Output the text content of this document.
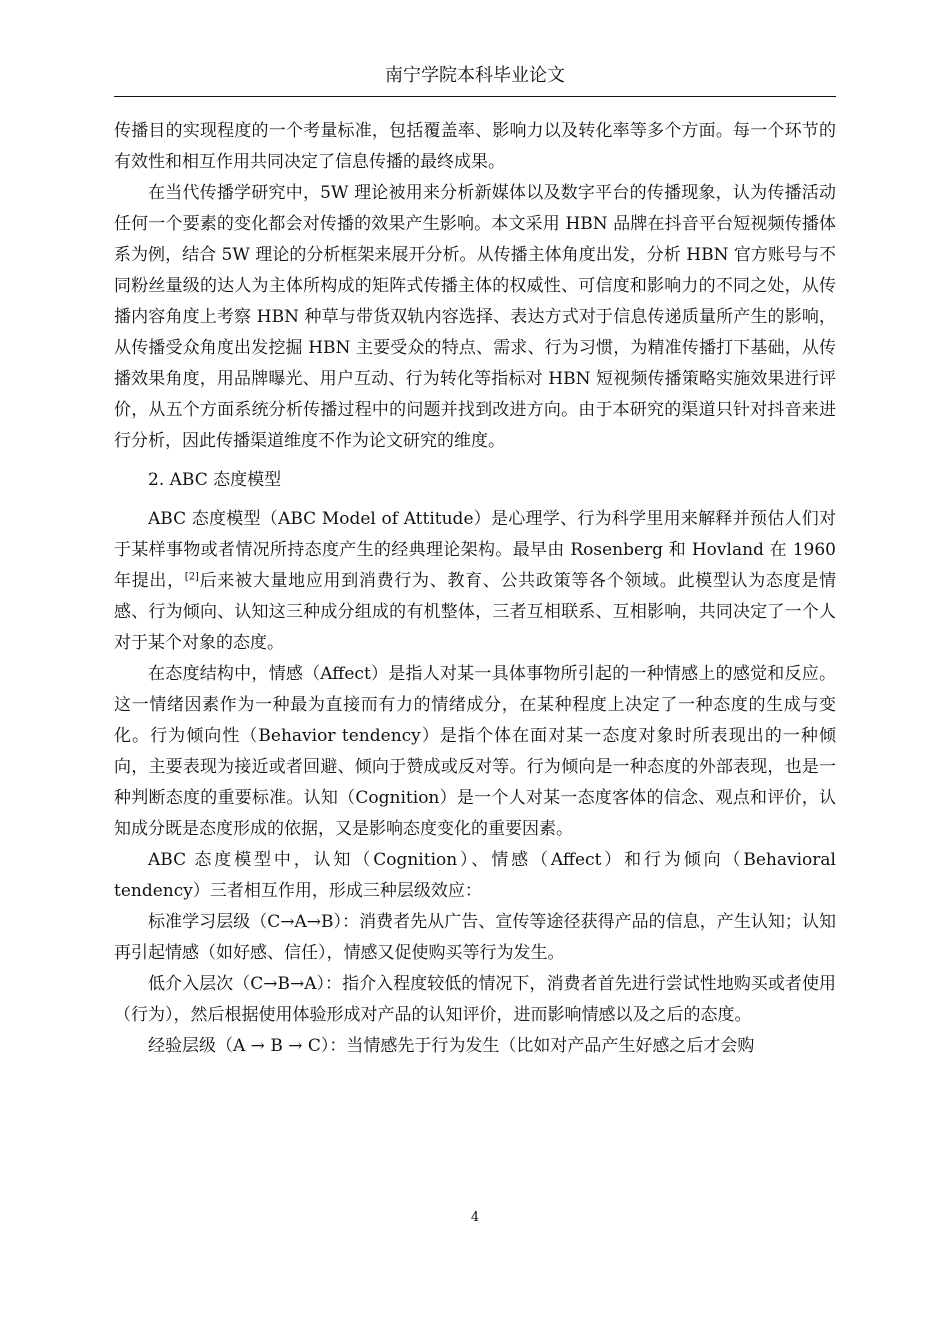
南宁学院本科毕业论文

传播目的实现程度的一个考量标准，包括覆盖率、影响力以及转化率等多个方面。每一个环节的有效性和相互作用共同决定了信息传播的最终成果。

在当代传播学研究中，5W 理论被用来分析新媒体以及数字平台的传播现象，认为传播活动任何一个要素的变化都会对传播的效果产生影响。本文采用 HBN 品牌在抖音平台短视频传播体系为例，结合 5W 理论的分析框架来展开分析。从传播主体角度出发，分析 HBN 官方账号与不同粉丝量级的达人为主体所构成的矩阵式传播主体的权威性、可信度和影响力的不同之处，从传播内容角度上考察 HBN 种草与带货双轨内容选择、表达方式对于信息传递质量所产生的影响，从传播受众角度出发挖掘 HBN 主要受众的特点、需求、行为习惯，为精准传播打下基础，从传播效果角度，用品牌曝光、用户互动、行为转化等指标对 HBN 短视频传播策略实施效果进行评价，从五个方面系统分析传播过程中的问题并找到改进方向。由于本研究的渠道只针对抖音来进行分析，因此传播渠道维度不作为论文研究的维度。

2. ABC 态度模型

ABC 态度模型（ABC Model of Attitude）是心理学、行为科学里用来解释并预估人们对于某样事物或者情况所持态度产生的经典理论架构。最早由 Rosenberg 和 Hovland 在 1960 年提出，[2]后来被大量地应用到消费行为、教育、公共政策等各个领域。此模型认为态度是情感、行为倾向、认知这三种成分组成的有机整体，三者互相联系、互相影响，共同决定了一个人对于某个对象的态度。

在态度结构中，情感（Affect）是指人对某一具体事物所引起的一种情感上的感觉和反应。这一情绪因素作为一种最为直接而有力的情绪成分，在某种程度上决定了一种态度的生成与变化。行为倾向性（Behavior tendency）是指个体在面对某一态度对象时所表现出的一种倾向，主要表现为接近或者回避、倾向于赞成或反对等。行为倾向是一种态度的外部表现，也是一种判断态度的重要标准。认知（Cognition）是一个人对某一态度客体的信念、观点和评价，认知成分既是态度形成的依据，又是影响态度变化的重要因素。

ABC 态度模型中，认知（Cognition）、情感（Affect）和行为倾向（Behavioral tendency）三者相互作用，形成三种层级效应：

标准学习层级（C→A→B）：消费者先从广告、宣传等途径获得产品的信息，产生认知；认知再引起情感（如好感、信任），情感又促使购买等行为发生。

低介入层次（C→B→A）：指介入程度较低的情况下，消费者首先进行尝试性地购买或者使用（行为），然后根据使用体验形成对产品的认知评价，进而影响情感以及之后的态度。

经验层级（A → B → C）：当情感先于行为发生（比如对产品产生好感之后才会购

4
